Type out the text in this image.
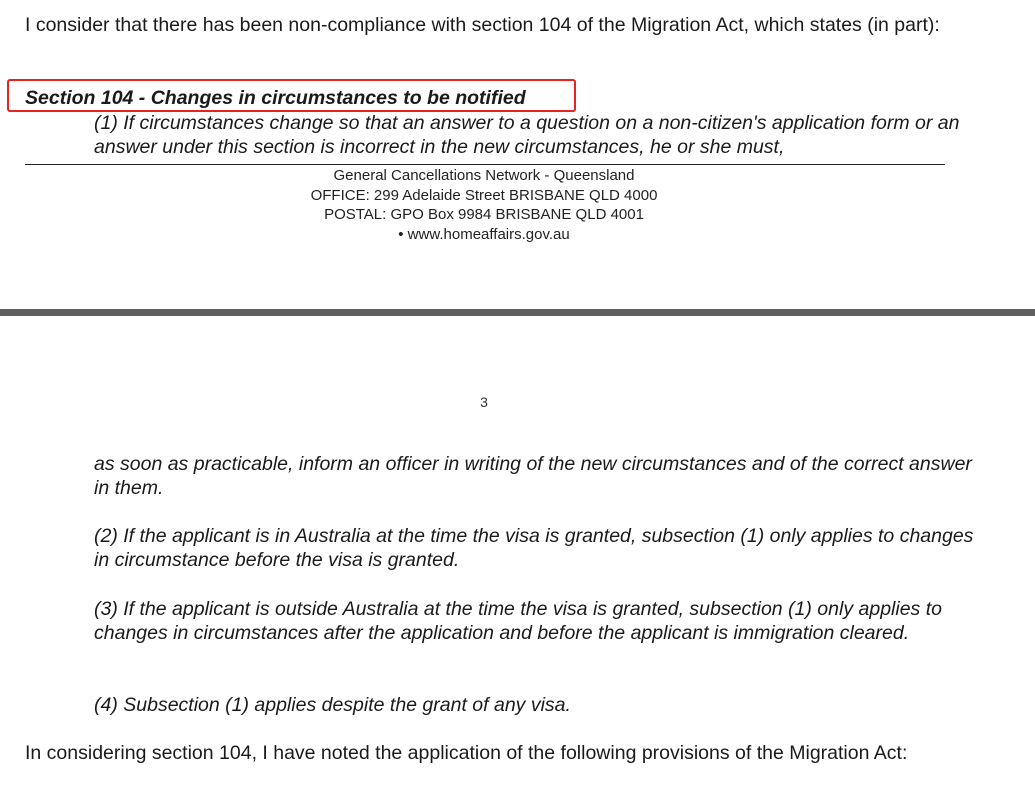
I consider that there has been non-compliance with section 104 of the Migration Act, which states (in part):

Section 104 - Changes in circumstances to be notified

(1) If circumstances change so that an answer to a question on a non-citizen's application form or an answer under this section is incorrect in the new circumstances, he or she must,

General Cancellations Network - Queensland
OFFICE: 299 Adelaide Street BRISBANE QLD 4000
POSTAL: GPO Box 9984 BRISBANE QLD 4001
• www.homeaffairs.gov.au
3

as soon as practicable, inform an officer in writing of the new circumstances and of the correct answer in them.

(2) If the applicant is in Australia at the time the visa is granted, subsection (1) only applies to changes in circumstance before the visa is granted.

(3) If the applicant is outside Australia at the time the visa is granted, subsection (1) only applies to changes in circumstances after the application and before the applicant is immigration cleared.

(4) Subsection (1) applies despite the grant of any visa.

In considering section 104, I have noted the application of the following provisions of the Migration Act:
